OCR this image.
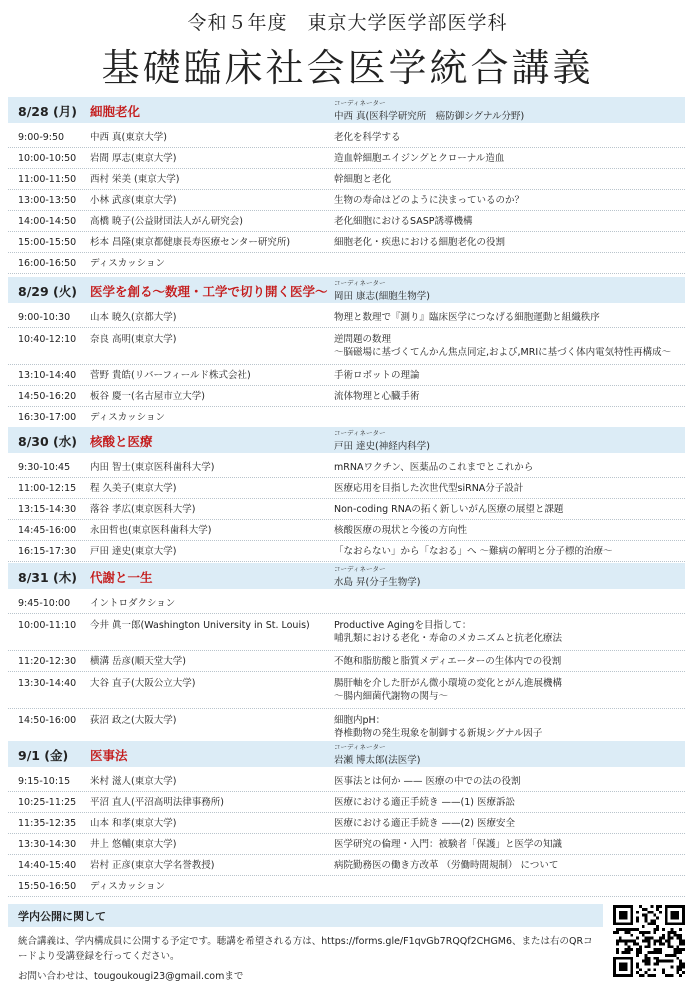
令和５年度　東京大学医学部医学科
基礎臨床社会医学統合講義
8/28 (月) 細胞老化
コーディネーター
中西 真(医科学研究所　癌防御シグナル分野)
9:00-9:50	中西 真(東京大学)	老化を科学する
10:00-10:50	岩間 厚志(東京大学)	造血幹細胞エイジングとクローナル造血
11:00-11:50	西村 栄美 (東京大学)	幹細胞と老化
13:00-13:50	小林 武彦(東京大学)	生物の寿命はどのように決まっているのか？
14:00-14:50	高橋 暁子(公益財団法人がん研究会)	老化細胞におけるSASP誘導機構
15:00-15:50	杉本 昌隆(東京都健康長寿医療センター研究所)	細胞老化・疾患における細胞老化の役割
16:00-16:50	ディスカッション
8/29 (火) 医学を創る〜数理・工学で切り開く医学〜
コーディネーター
岡田 康志(細胞生物学)
9:00-10:30	山本 暁久(京都大学)	物理と数理で『測り』臨床医学につなげる細胞運動と組織秩序
10:40-12:10	奈良 高明(東京大学)	逆問題の数理
〜脳磁場に基づくてんかん焦点同定,および,MRIに基づく体内電気特性再構成〜
13:10-14:40	菅野 貴皓(リバーフィールド株式会社)	手術ロボットの理論
14:50-16:20	板谷 慶一(名古屋市立大学)	流体物理と心臓手術
16:30-17:00	ディスカッション
8/30 (水) 核酸と医療
コーディネーター
戸田 達史(神経内科学)
9:30-10:45	内田 智士(東京医科歯科大学)	mRNAワクチン、医薬品のこれまでとこれから
11:00-12:15	程 久美子(東京大学)	医療応用を目指した次世代型siRNA分子設計
13:15-14:30	落谷 孝広(東京医科大学)	Non-coding RNAの拓く新しいがん医療の展望と課題
14:45-16:00	永田哲也(東京医科歯科大学)	核酸医療の現状と今後の方向性
16:15-17:30	戸田 達史(東京大学)	「なおらない」から「なおる」へ 〜難病の解明と分子標的治療〜
8/31 (木) 代謝と一生
コーディネーター
水島 昇(分子生物学)
9:45-10:00	イントロダクション
10:00-11:10	今井 眞一郎(Washington University in St. Louis)	Productive Agingを目指して：
哺乳類における老化・寿命のメカニズムと抗老化療法
11:20-12:30	横溝 岳彦(順天堂大学)	不飽和脂肪酸と脂質メディエーターの生体内での役割
13:30-14:40	大谷 直子(大阪公立大学)	腸肝軸を介した肝がん微小環境の変化とがん進展機構
〜腸内細菌代謝物の関与〜
14:50-16:00	荻沼 政之(大阪大学)	細胞内pH：
脊椎動物の発生現象を制御する新規シグナル因子
9/1 (金) 医事法
コーディネーター
岩瀬 博太郎(法医学)
9:15-10:15	米村 滋人(東京大学)	医事法とは何か —— 医療の中での法の役割
10:25-11:25	平沼 直人(平沼高明法律事務所)	医療における適正手続き ——(1) 医療訴訟
11:35-12:35	山本 和孝(東京大学)	医療における適正手続き ——(2) 医療安全
13:30-14:30	井上 悠輔(東京大学)	医学研究の倫理・入門：被験者「保護」と医学の知識
14:40-15:40	岩村 正彦(東京大学名誉教授)	病院勤務医の働き方改革 （労働時間規制） について
15:50-16:50	ディスカッション
学内公開に関して
統合講義は、学内構成員に公開する予定です。聴講を希望される方は、https://forms.gle/F1qvGb7RQQf2CHGM6、または右のQRコードより受講登録を行ってください。
お問い合わせは、tougoukougi23@gmail.comまで
